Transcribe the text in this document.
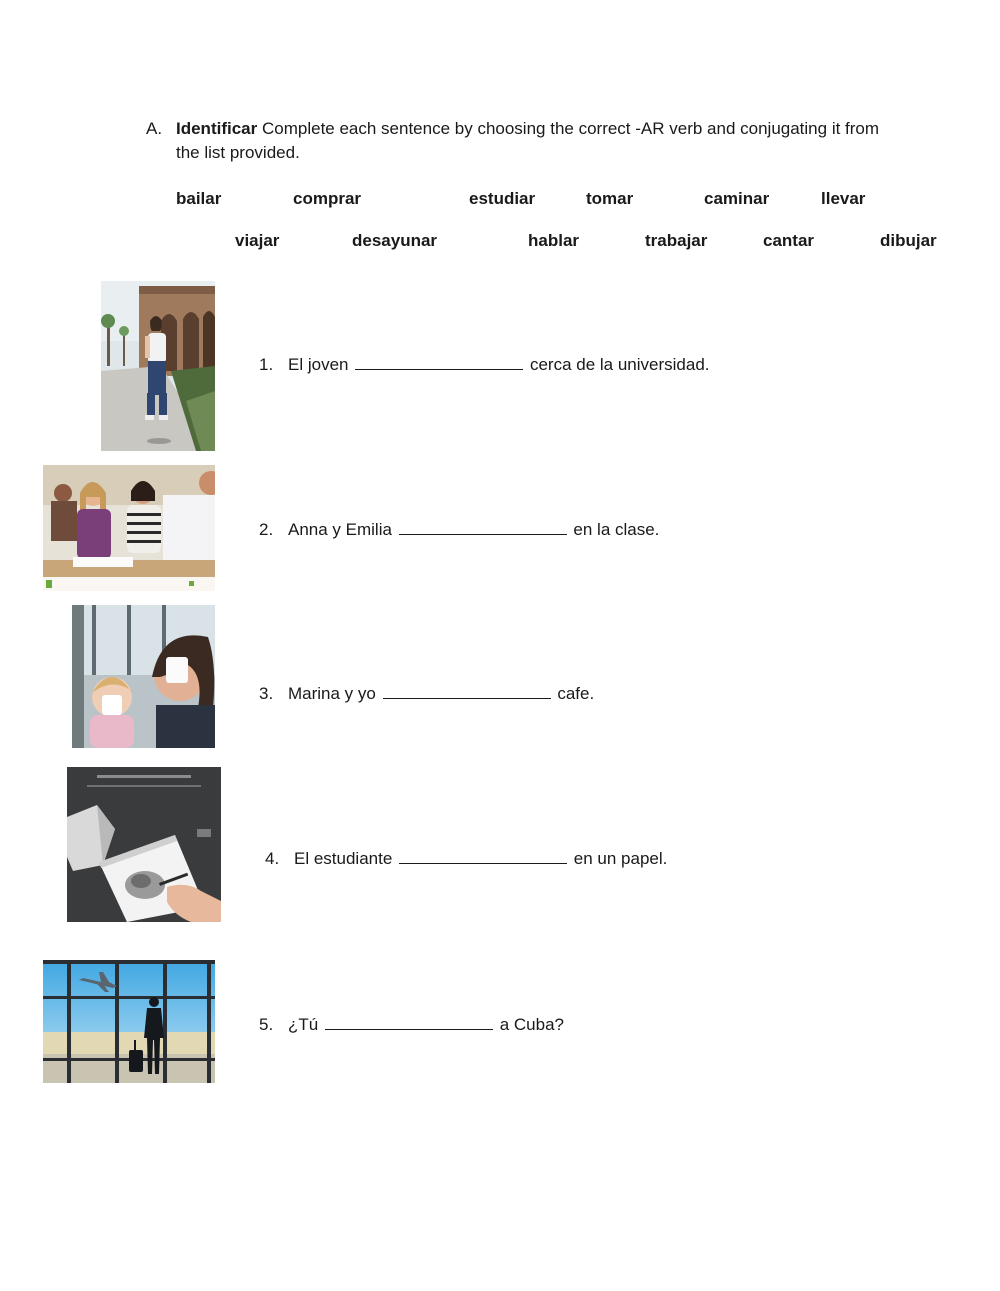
A. Identificar Complete each sentence by choosing the correct -AR verb and conjugating it from the list provided.
bailar	comprar	estudiar	tomar	caminar	llevar
viajar	desayunar	hablar	trabajar	cantar	dibujar
1. El joven	cerca de la universidad.
2. Anna y Emilia	en la clase.
3. Marina y yo	cafe.
4. El estudiante	en un papel.
5. ¿Tú	a Cuba?
